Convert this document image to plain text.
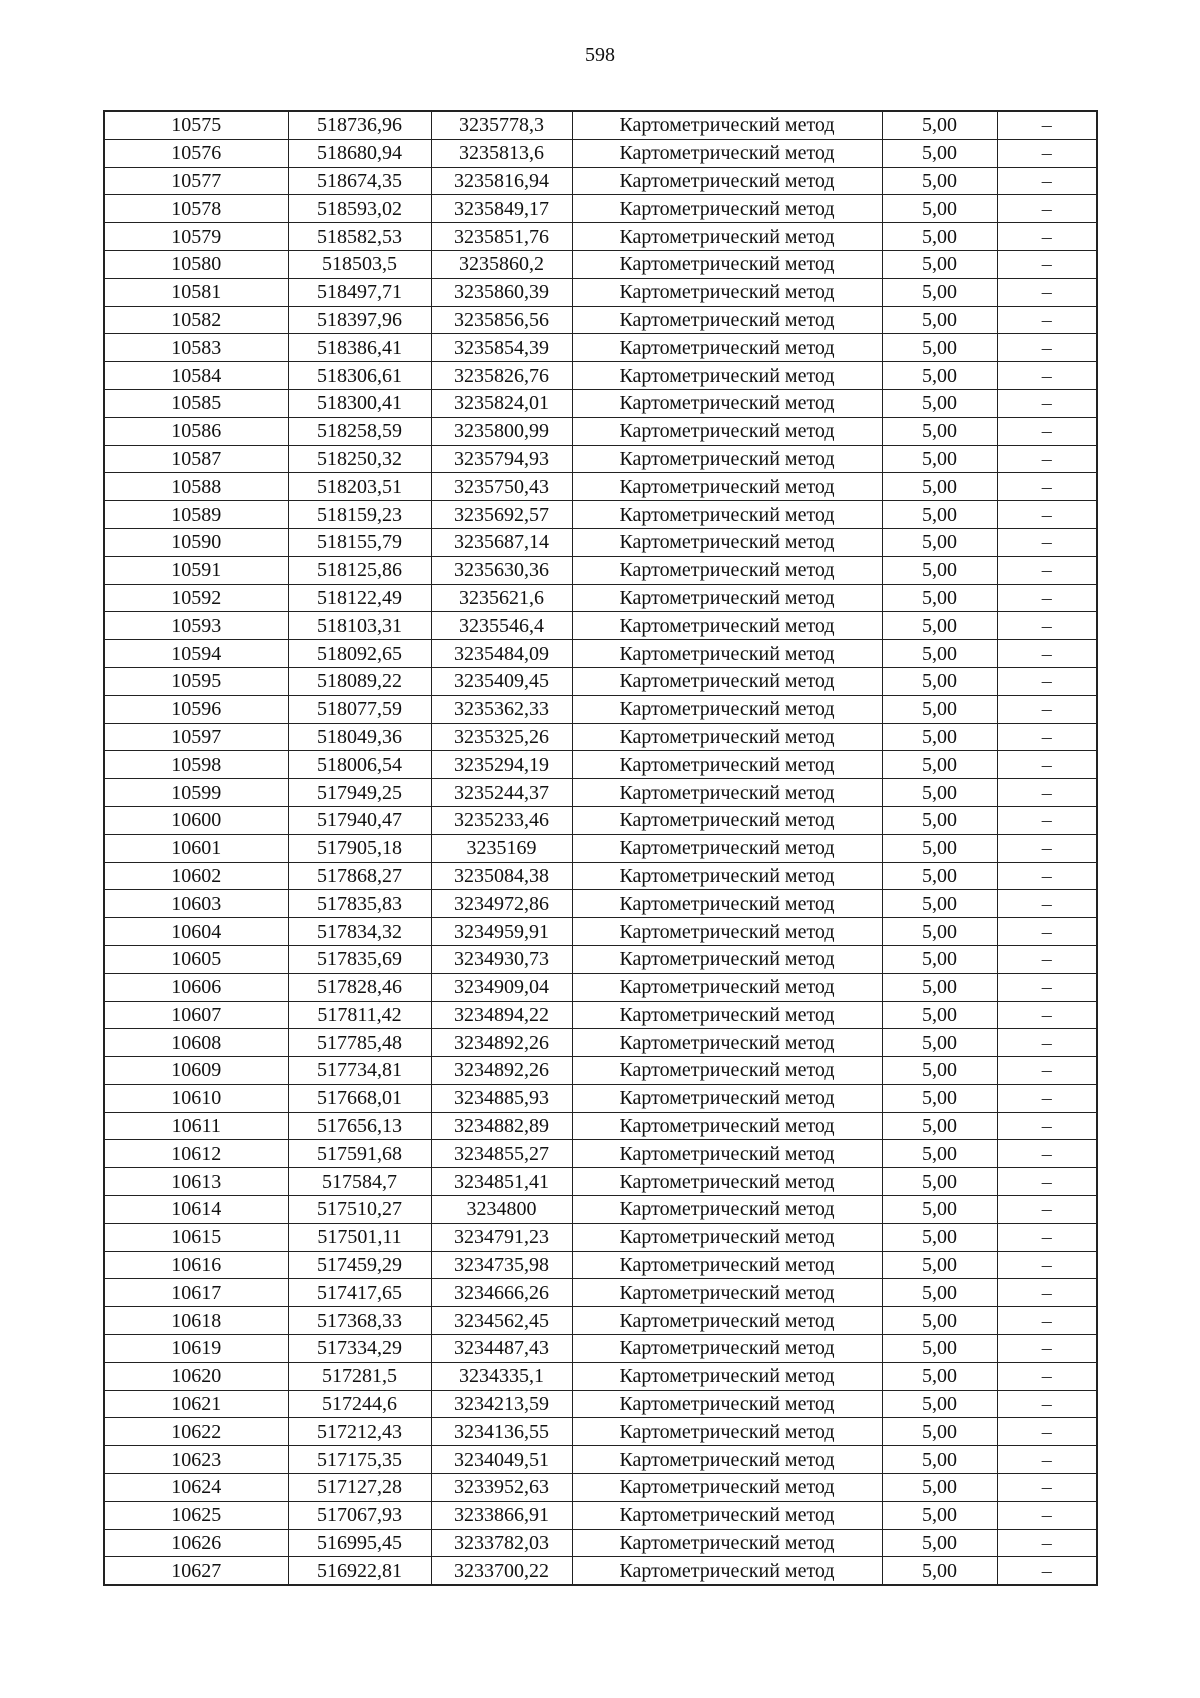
598
10575	518736,96	3235778,3	Картометрический метод	5,00	–
10576	518680,94	3235813,6	Картометрический метод	5,00	–
10577	518674,35	3235816,94	Картометрический метод	5,00	–
10578	518593,02	3235849,17	Картометрический метод	5,00	–
10579	518582,53	3235851,76	Картометрический метод	5,00	–
10580	518503,5	3235860,2	Картометрический метод	5,00	–
10581	518497,71	3235860,39	Картометрический метод	5,00	–
10582	518397,96	3235856,56	Картометрический метод	5,00	–
10583	518386,41	3235854,39	Картометрический метод	5,00	–
10584	518306,61	3235826,76	Картометрический метод	5,00	–
10585	518300,41	3235824,01	Картометрический метод	5,00	–
10586	518258,59	3235800,99	Картометрический метод	5,00	–
10587	518250,32	3235794,93	Картометрический метод	5,00	–
10588	518203,51	3235750,43	Картометрический метод	5,00	–
10589	518159,23	3235692,57	Картометрический метод	5,00	–
10590	518155,79	3235687,14	Картометрический метод	5,00	–
10591	518125,86	3235630,36	Картометрический метод	5,00	–
10592	518122,49	3235621,6	Картометрический метод	5,00	–
10593	518103,31	3235546,4	Картометрический метод	5,00	–
10594	518092,65	3235484,09	Картометрический метод	5,00	–
10595	518089,22	3235409,45	Картометрический метод	5,00	–
10596	518077,59	3235362,33	Картометрический метод	5,00	–
10597	518049,36	3235325,26	Картометрический метод	5,00	–
10598	518006,54	3235294,19	Картометрический метод	5,00	–
10599	517949,25	3235244,37	Картометрический метод	5,00	–
10600	517940,47	3235233,46	Картометрический метод	5,00	–
10601	517905,18	3235169	Картометрический метод	5,00	–
10602	517868,27	3235084,38	Картометрический метод	5,00	–
10603	517835,83	3234972,86	Картометрический метод	5,00	–
10604	517834,32	3234959,91	Картометрический метод	5,00	–
10605	517835,69	3234930,73	Картометрический метод	5,00	–
10606	517828,46	3234909,04	Картометрический метод	5,00	–
10607	517811,42	3234894,22	Картометрический метод	5,00	–
10608	517785,48	3234892,26	Картометрический метод	5,00	–
10609	517734,81	3234892,26	Картометрический метод	5,00	–
10610	517668,01	3234885,93	Картометрический метод	5,00	–
10611	517656,13	3234882,89	Картометрический метод	5,00	–
10612	517591,68	3234855,27	Картометрический метод	5,00	–
10613	517584,7	3234851,41	Картометрический метод	5,00	–
10614	517510,27	3234800	Картометрический метод	5,00	–
10615	517501,11	3234791,23	Картометрический метод	5,00	–
10616	517459,29	3234735,98	Картометрический метод	5,00	–
10617	517417,65	3234666,26	Картометрический метод	5,00	–
10618	517368,33	3234562,45	Картометрический метод	5,00	–
10619	517334,29	3234487,43	Картометрический метод	5,00	–
10620	517281,5	3234335,1	Картометрический метод	5,00	–
10621	517244,6	3234213,59	Картометрический метод	5,00	–
10622	517212,43	3234136,55	Картометрический метод	5,00	–
10623	517175,35	3234049,51	Картометрический метод	5,00	–
10624	517127,28	3233952,63	Картометрический метод	5,00	–
10625	517067,93	3233866,91	Картометрический метод	5,00	–
10626	516995,45	3233782,03	Картометрический метод	5,00	–
10627	516922,81	3233700,22	Картометрический метод	5,00	–
